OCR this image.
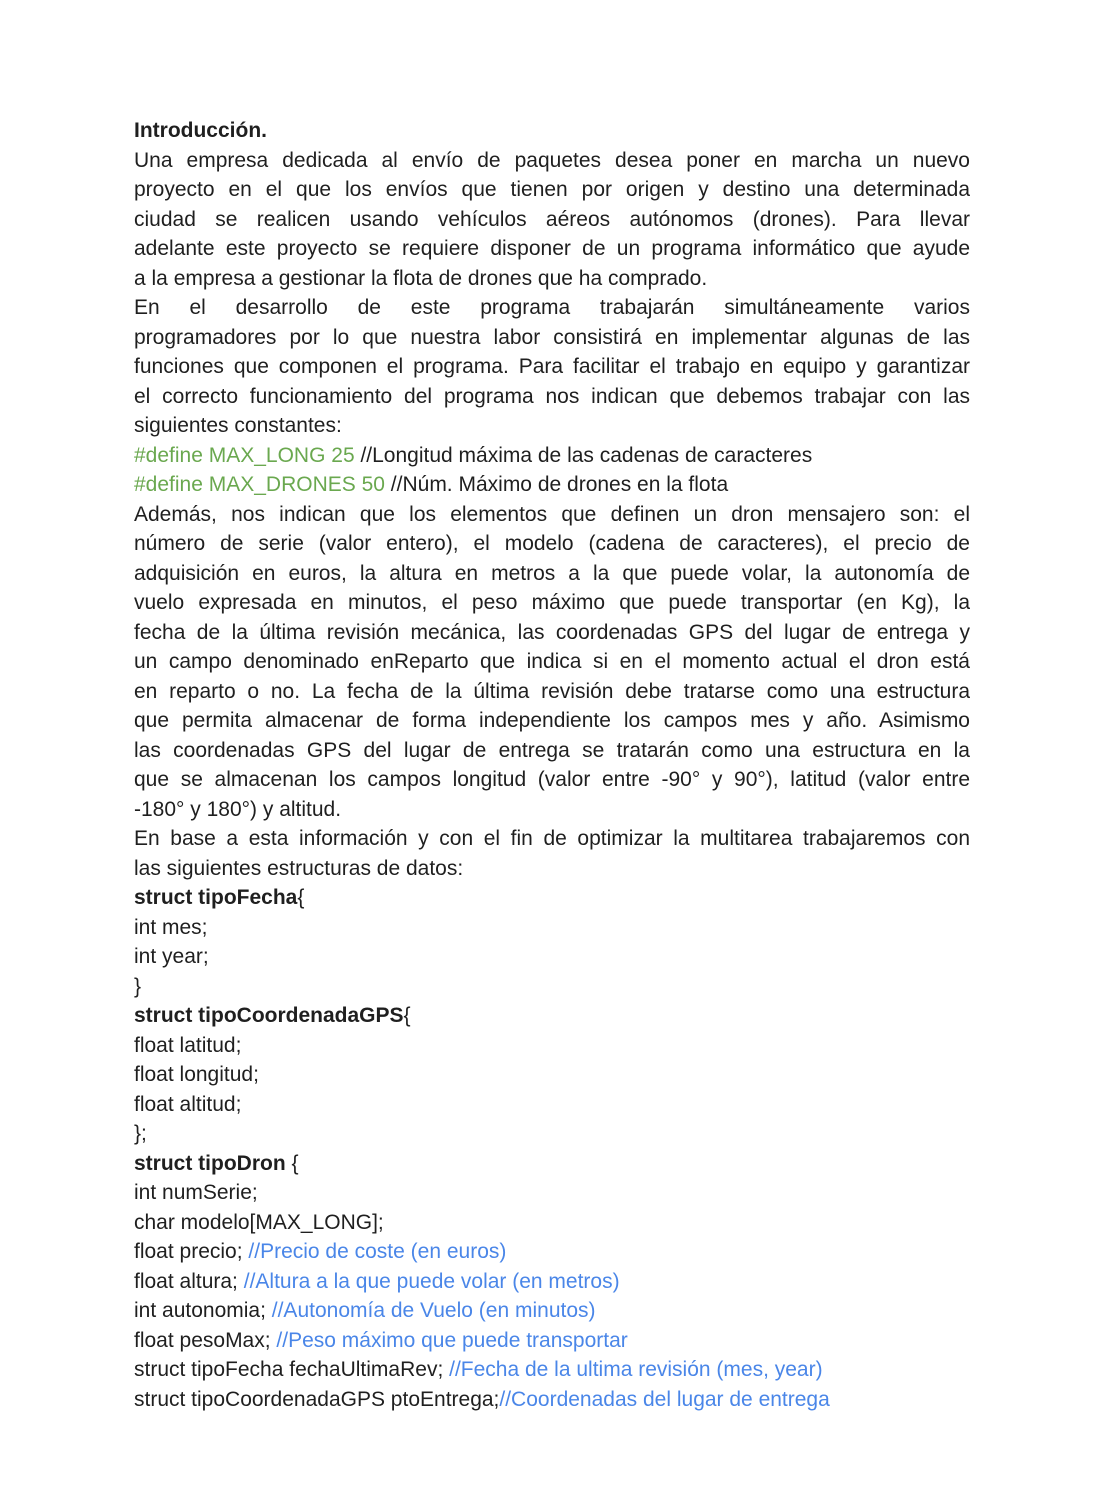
Introducción.
Una empresa dedicada al envío de paquetes desea poner en marcha un nuevo
proyecto en el que los envíos que tienen por origen y destino una determinada
ciudad se realicen usando vehículos aéreos autónomos (drones). Para llevar
adelante este proyecto se requiere disponer de un programa informático que ayude
a la empresa a gestionar la flota de drones que ha comprado.
En el desarrollo de este programa trabajarán simultáneamente varios
programadores por lo que nuestra labor consistirá en implementar algunas de las
funciones que componen el programa. Para facilitar el trabajo en equipo y garantizar
el correcto funcionamiento del programa nos indican que debemos trabajar con las
siguientes constantes:
#define MAX_LONG 25 //Longitud máxima de las cadenas de caracteres
#define MAX_DRONES 50 //Núm. Máximo de drones en la flota
Además, nos indican que los elementos que definen un dron mensajero son: el
número de serie (valor entero), el modelo (cadena de caracteres), el precio de
adquisición en euros, la altura en metros a la que puede volar, la autonomía de
vuelo expresada en minutos, el peso máximo que puede transportar (en Kg), la
fecha de la última revisión mecánica, las coordenadas GPS del lugar de entrega y
un campo denominado enReparto que indica si en el momento actual el dron está
en reparto o no. La fecha de la última revisión debe tratarse como una estructura
que permita almacenar de forma independiente los campos mes y año. Asimismo
las coordenadas GPS del lugar de entrega se tratarán como una estructura en la
que se almacenan los campos longitud (valor entre -90° y 90°), latitud (valor entre
-180° y 180°) y altitud.
En base a esta información y con el fin de optimizar la multitarea trabajaremos con
las siguientes estructuras de datos:
struct tipoFecha{
int mes;
int year;
}
struct tipoCoordenadaGPS{
float latitud;
float longitud;
float altitud;
};
struct tipoDron {
int numSerie;
char modelo[MAX_LONG];
float precio; //Precio de coste (en euros)
float altura; //Altura a la que puede volar (en metros)
int autonomia; //Autonomía de Vuelo (en minutos)
float pesoMax; //Peso máximo que puede transportar
struct tipoFecha fechaUltimaRev; //Fecha de la ultima revisión (mes, year)
struct tipoCoordenadaGPS ptoEntrega;//Coordenadas del lugar de entrega
